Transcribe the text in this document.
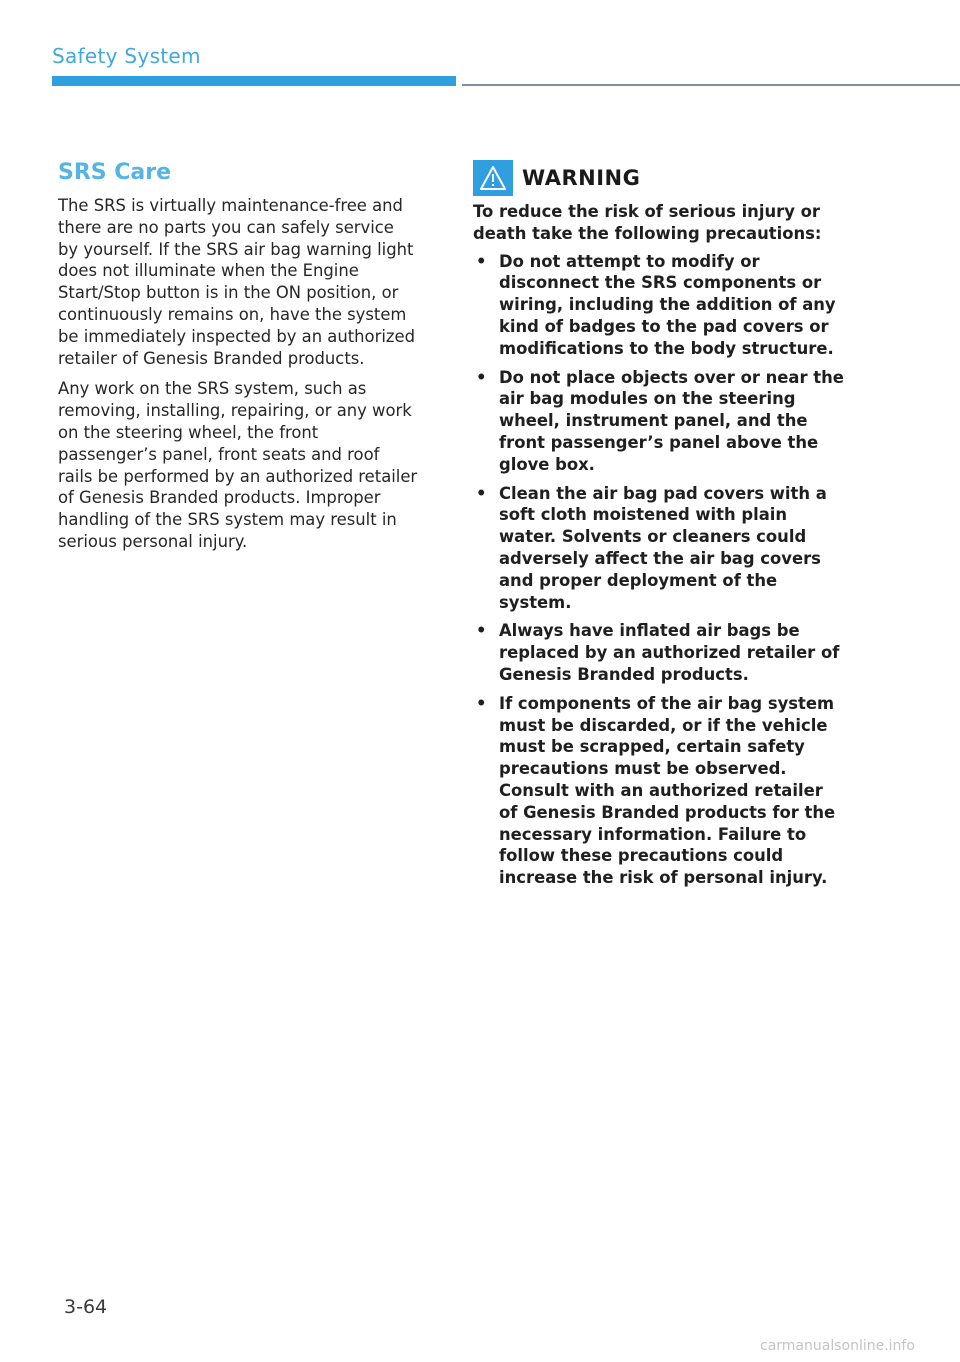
Safety System
SRS Care

The SRS is virtually maintenance-free and there are no parts you can safely service by yourself. If the SRS air bag warning light does not illuminate when the Engine Start/Stop button is in the ON position, or continuously remains on, have the system be immediately inspected by an authorized retailer of Genesis Branded products.

Any work on the SRS system, such as removing, installing, repairing, or any work on the steering wheel, the front passenger’s panel, front seats and roof rails be performed by an authorized retailer of Genesis Branded products. Improper handling of the SRS system may result in serious personal injury.

WARNING

To reduce the risk of serious injury or death take the following precautions:

• Do not attempt to modify or disconnect the SRS components or wiring, including the addition of any kind of badges to the pad covers or modifications to the body structure.
• Do not place objects over or near the air bag modules on the steering wheel, instrument panel, and the front passenger’s panel above the glove box.
• Clean the air bag pad covers with a soft cloth moistened with plain water. Solvents or cleaners could adversely affect the air bag covers and proper deployment of the system.
• Always have inflated air bags be replaced by an authorized retailer of Genesis Branded products.
• If components of the air bag system must be discarded, or if the vehicle must be scrapped, certain safety precautions must be observed. Consult with an authorized retailer of Genesis Branded products for the necessary information. Failure to follow these precautions could increase the risk of personal injury.

3-64

carmanualsonline.info
